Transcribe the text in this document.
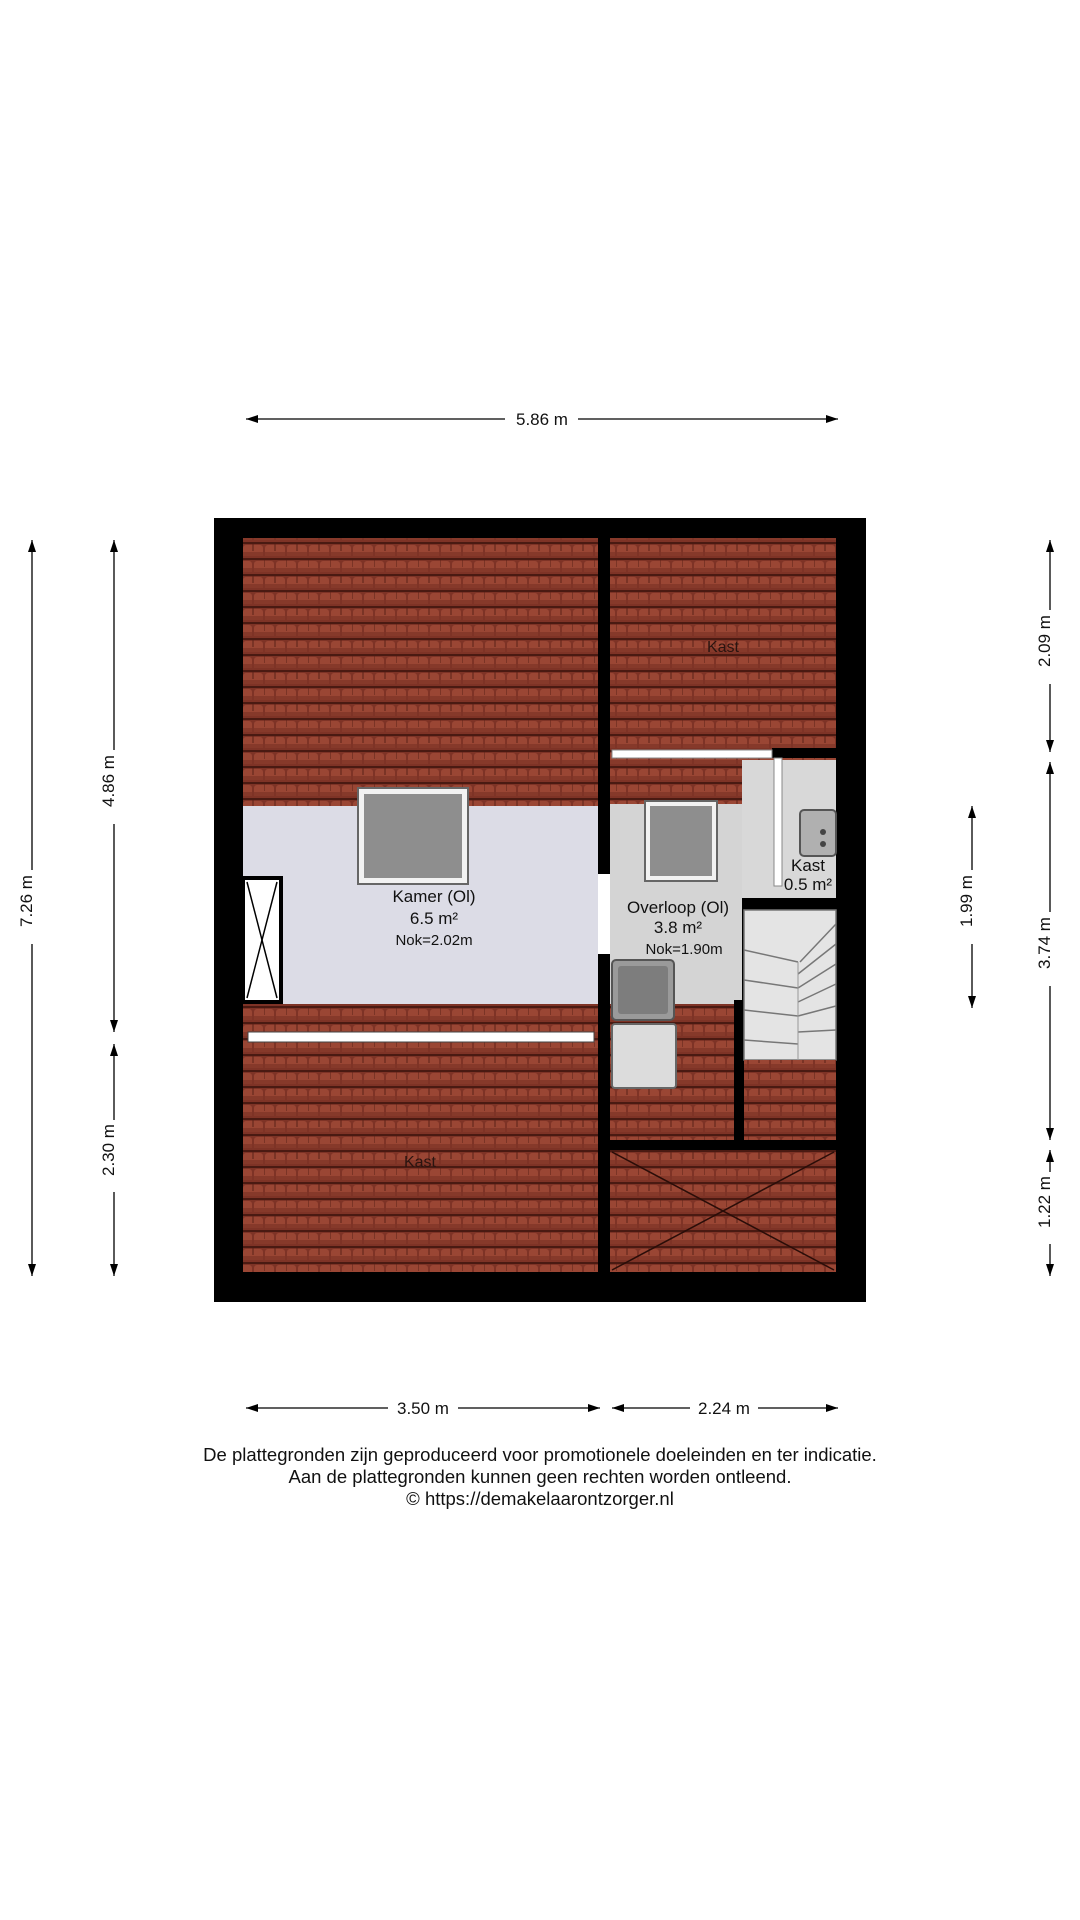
Kamer (Ol)
6.5 m²
Nok=2.02m
Overloop (Ol)
3.8 m²
Nok=1.90m
Kast
0.5 m²
Kast
Kast
5.86 m
3.50 m	2.24 m
7.26 m
4.86 m
2.30 m
2.09 m
3.74 m
1.22 m
1.99 m
De plattegronden zijn geproduceerd voor promotionele doeleinden en ter indicatie.
Aan de plattegronden kunnen geen rechten worden ontleend.
© https://demakelaarontzorger.nl
